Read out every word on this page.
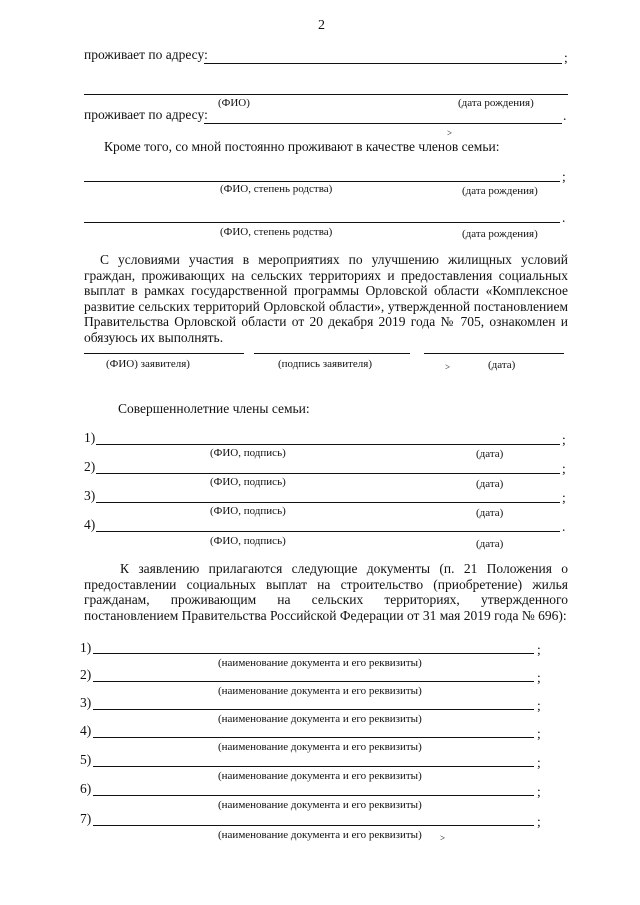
2
проживает по адресу:	;
(ФИО)	(дата рождения)
проживает по адресу:	.
Кроме того, со мной постоянно проживают в качестве членов семьи:
;
(ФИО, степень родства)	(дата рождения)
.
(ФИО, степень родства)	(дата рождения)
С условиями участия в мероприятиях по улучшению жилищных условий граждан, проживающих на сельских территориях и предоставления социальных выплат в рамках государственной программы Орловской области «Комплексное развитие сельских территорий Орловской области», утвержденной постановлением Правительства Орловской области от 20 декабря 2019 года № 705, ознакомлен и обязуюсь их выполнять.
(ФИО) заявителя)	(подпись заявителя)	(дата)
Совершеннолетние члены семьи:
1)	;
(ФИО, подпись)	(дата)
2)	;
(ФИО, подпись)	(дата)
3)	;
(ФИО, подпись)	(дата)
4)	.
(ФИО, подпись)	(дата)
К заявлению прилагаются следующие документы (п. 21 Положения о предоставлении социальных выплат на строительство (приобретение) жилья гражданам, проживающим на сельских территориях, утвержденного постановлением Правительства Российской Федерации от 31 мая 2019 года № 696):
1)	;
(наименование документа и его реквизиты)
2)	;
(наименование документа и его реквизиты)
3)	;
(наименование документа и его реквизиты)
4)	;
(наименование документа и его реквизиты)
5)	;
(наименование документа и его реквизиты)
6)	;
(наименование документа и его реквизиты)
7)	;
(наименование документа и его реквизиты)
˃
˃
˃
